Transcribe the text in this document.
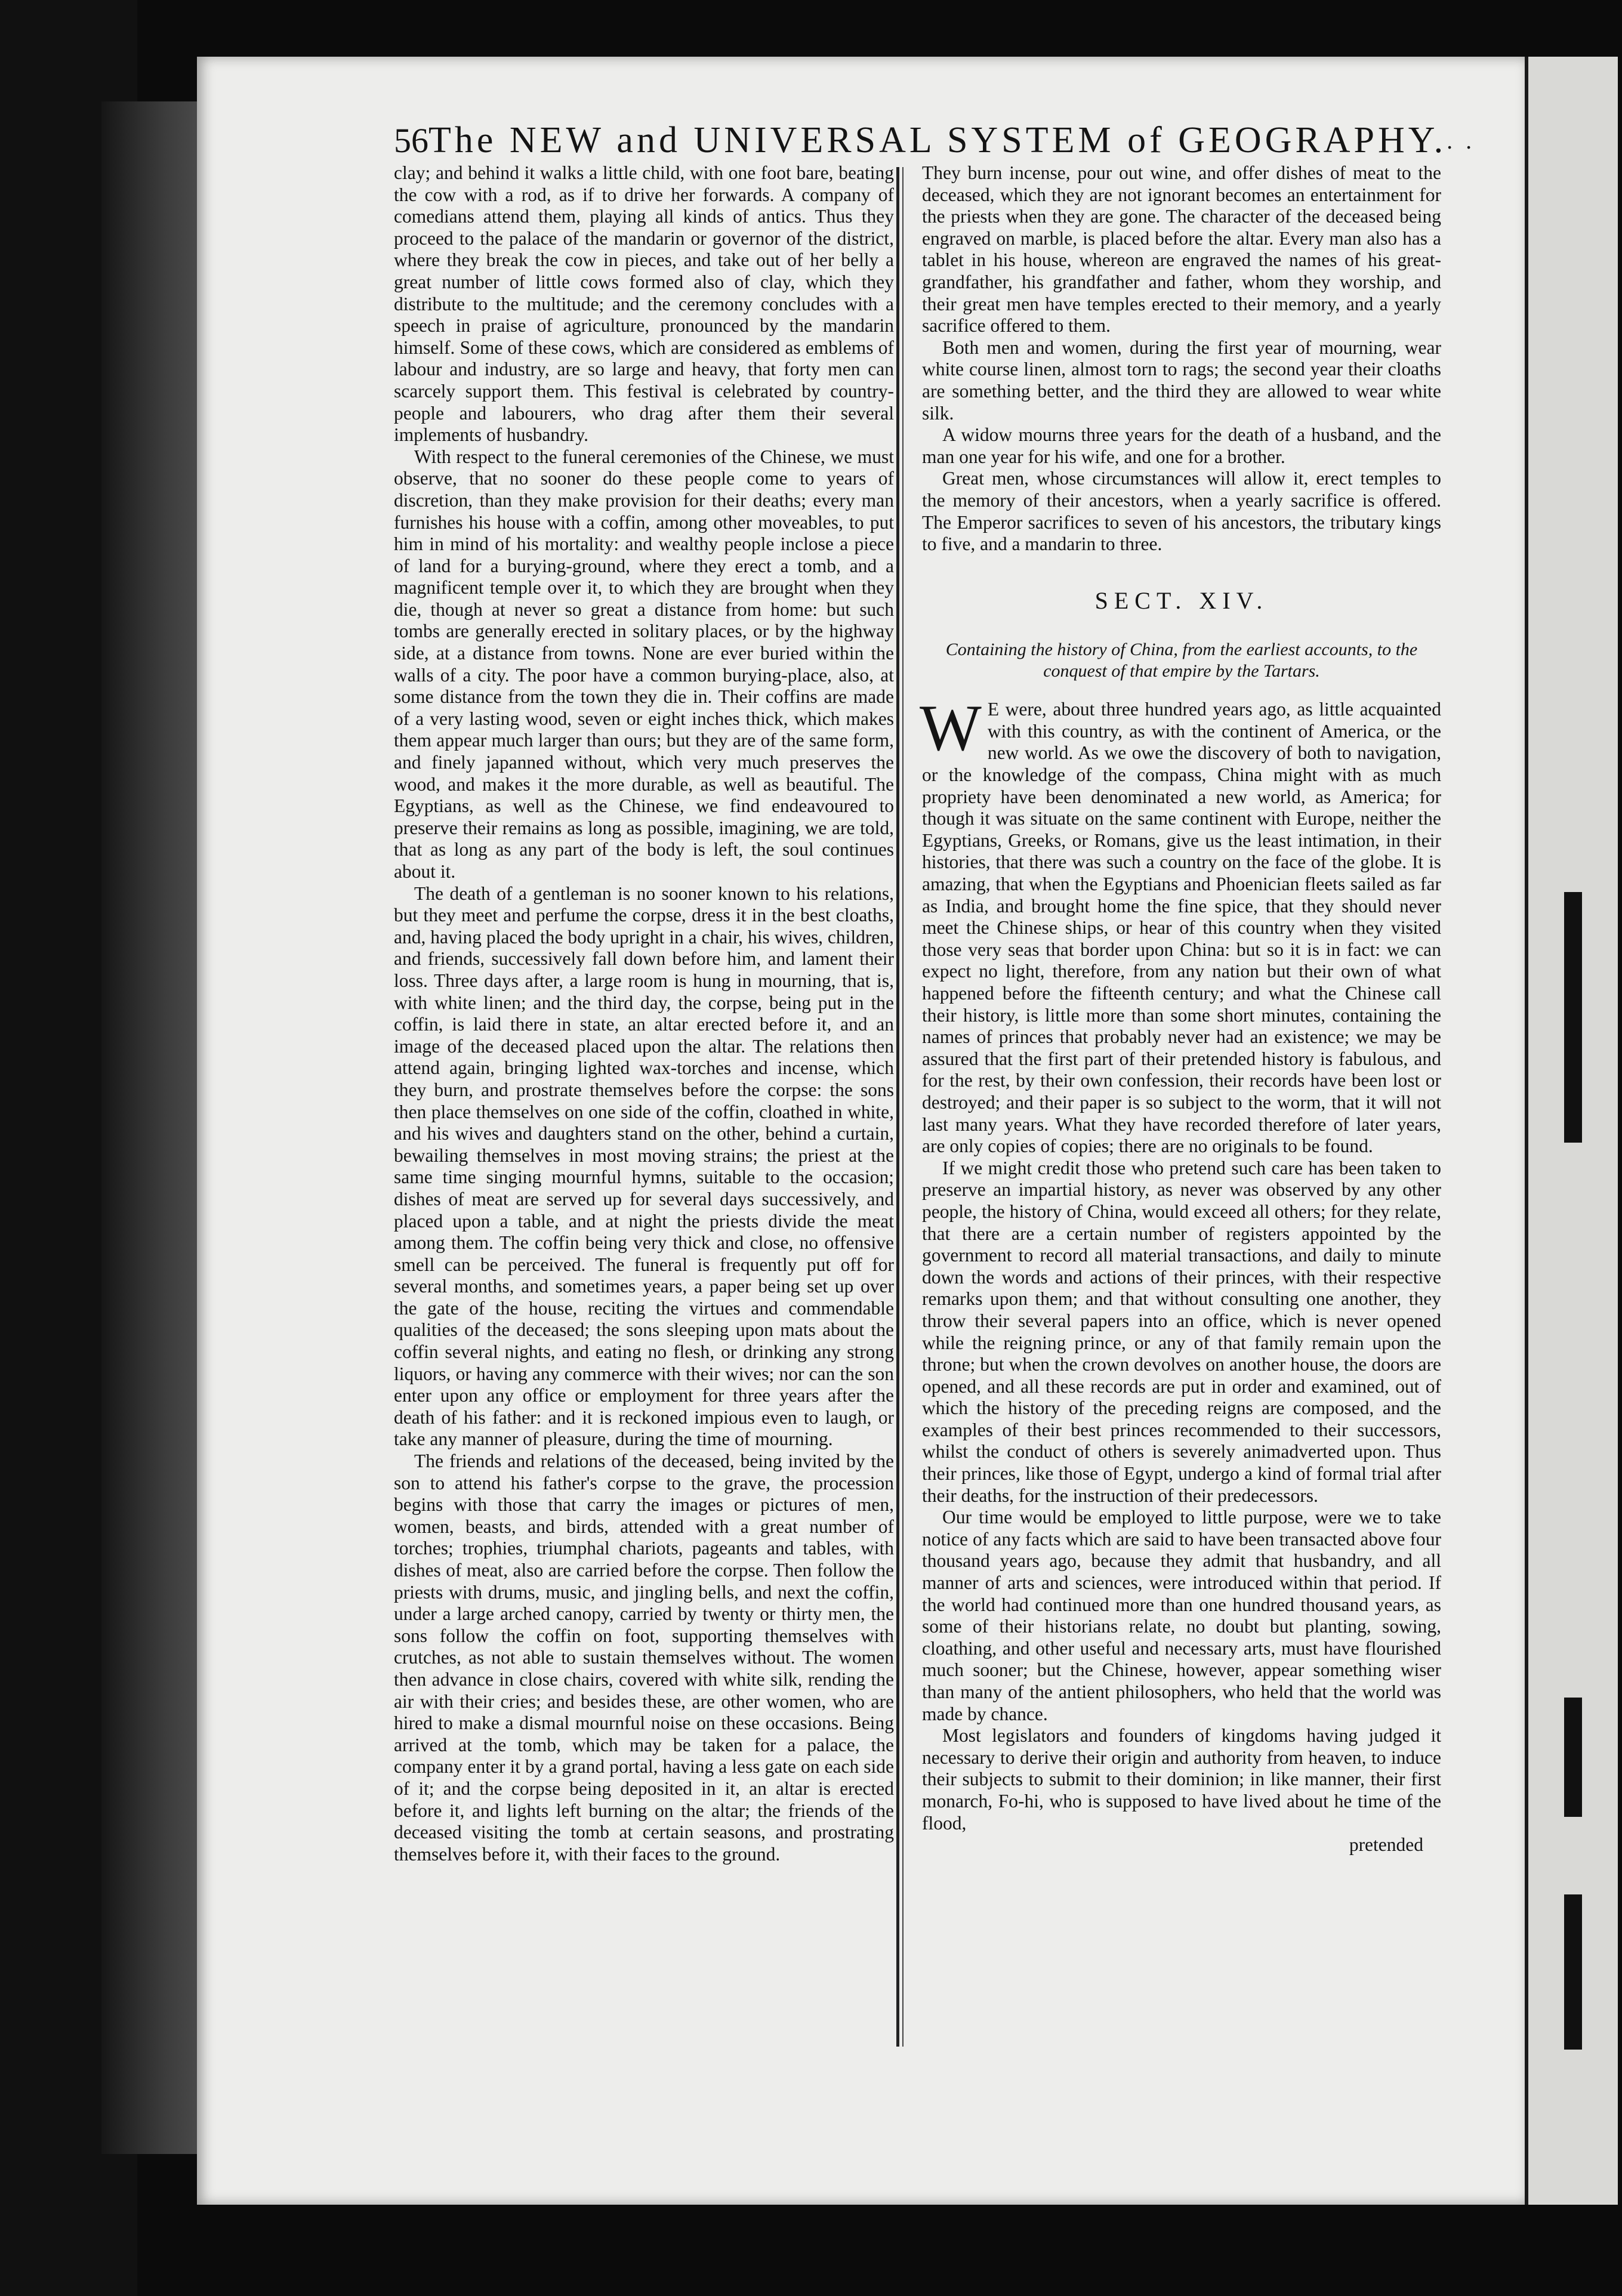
56 The NEW and UNIVERSAL SYSTEM of GEOGRAPHY. . .

clay; and behind it walks a little child, with one foot bare, beating the cow with a rod, as if to drive her forwards. A company of comedians attend them, playing all kinds of antics. Thus they proceed to the palace of the mandarin or governor of the district, where they break the cow in pieces, and take out of her belly a great number of little cows formed also of clay, which they distribute to the multitude; and the ceremony concludes with a speech in praise of agriculture, pronounced by the mandarin himself. Some of these cows, which are considered as emblems of labour and industry, are so large and heavy, that forty men can scarcely support them. This festival is celebrated by country-people and labourers, who drag after them their several implements of husbandry.

With respect to the funeral ceremonies of the Chinese, we must observe, that no sooner do these people come to years of discretion, than they make provision for their deaths; every man furnishes his house with a coffin, among other moveables, to put him in mind of his mortality: and wealthy people inclose a piece of land for a burying-ground, where they erect a tomb, and a magnificent temple over it, to which they are brought when they die, though at never so great a distance from home: but such tombs are generally erected in solitary places, or by the highway side, at a distance from towns. None are ever buried within the walls of a city. The poor have a common burying-place, also, at some distance from the town they die in. Their coffins are made of a very lasting wood, seven or eight inches thick, which makes them appear much larger than ours; but they are of the same form, and finely japanned without, which very much preserves the wood, and makes it the more durable, as well as beautiful. The Egyptians, as well as the Chinese, we find endeavoured to preserve their remains as long as possible, imagining, we are told, that as long as any part of the body is left, the soul continues about it.

The death of a gentleman is no sooner known to his relations, but they meet and perfume the corpse, dress it in the best cloaths, and, having placed the body upright in a chair, his wives, children, and friends, successively fall down before him, and lament their loss. Three days after, a large room is hung in mourning, that is, with white linen; and the third day, the corpse, being put in the coffin, is laid there in state, an altar erected before it, and an image of the deceased placed upon the altar. The relations then attend again, bringing lighted wax-torches and incense, which they burn, and prostrate themselves before the corpse: the sons then place themselves on one side of the coffin, cloathed in white, and his wives and daughters stand on the other, behind a curtain, bewailing themselves in most moving strains; the priest at the same time singing mournful hymns, suitable to the occasion; dishes of meat are served up for several days successively, and placed upon a table, and at night the priests divide the meat among them. The coffin being very thick and close, no offensive smell can be perceived. The funeral is frequently put off for several months, and sometimes years, a paper being set up over the gate of the house, reciting the virtues and commendable qualities of the deceased; the sons sleeping upon mats about the coffin several nights, and eating no flesh, or drinking any strong liquors, or having any commerce with their wives; nor can the son enter upon any office or employment for three years after the death of his father: and it is reckoned impious even to laugh, or take any manner of pleasure, during the time of mourning.

The friends and relations of the deceased, being invited by the son to attend his father's corpse to the grave, the procession begins with those that carry the images or pictures of men, women, beasts, and birds, attended with a great number of torches; trophies, triumphal chariots, pageants and tables, with dishes of meat, also are carried before the corpse. Then follow the priests with drums, music, and jingling bells, and next the coffin, under a large arched canopy, carried by twenty or thirty men, the sons follow the coffin on foot, supporting themselves with crutches, as not able to sustain themselves without. The women then advance in close chairs, covered with white silk, rending the air with their cries; and besides these, are other women, who are hired to make a dismal mournful noise on these occasions. Being arrived at the tomb, which may be taken for a palace, the company enter it by a grand portal, having a less gate on each side of it; and the corpse being deposited in it, an altar is erected before it, and lights left burning on the altar; the friends of the deceased visiting the tomb at certain seasons, and prostrating themselves before it, with their faces to the ground.

They burn incense, pour out wine, and offer dishes of meat to the deceased, which they are not ignorant becomes an entertainment for the priests when they are gone. The character of the deceased being engraved on marble, is placed before the altar. Every man also has a tablet in his house, whereon are engraved the names of his great-grandfather, his grandfather and father, whom they worship, and their great men have temples erected to their memory, and a yearly sacrifice offered to them.

Both men and women, during the first year of mourning, wear white course linen, almost torn to rags; the second year their cloaths are something better, and the third they are allowed to wear white silk.

A widow mourns three years for the death of a husband, and the man one year for his wife, and one for a brother.

Great men, whose circumstances will allow it, erect temples to the memory of their ancestors, when a yearly sacrifice is offered. The Emperor sacrifices to seven of his ancestors, the tributary kings to five, and a mandarin to three.

SECT. XIV.
Containing the history of China, from the earliest accounts, to the conquest of that empire by the Tartars.

W E were, about three hundred years ago, as little acquainted with this country, as with the continent of America, or the new world. As we owe the discovery of both to navigation, or the knowledge of the compass, China might with as much propriety have been denominated a new world, as America; for though it was situate on the same continent with Europe, neither the Egyptians, Greeks, or Romans, give us the least intimation, in their histories, that there was such a country on the face of the globe. It is amazing, that when the Egyptians and Phoenician fleets sailed as far as India, and brought home the fine spice, that they should never meet the Chinese ships, or hear of this country when they visited those very seas that border upon China: but so it is in fact: we can expect no light, therefore, from any nation but their own of what happened before the fifteenth century; and what the Chinese call their history, is little more than some short minutes, containing the names of princes that probably never had an existence; we may be assured that the first part of their pretended history is fabulous, and for the rest, by their own confession, their records have been lost or destroyed; and their paper is so subject to the worm, that it will not last many years. What they have recorded therefore of later years, are only copies of copies; there are no originals to be found.

If we might credit those who pretend such care has been taken to preserve an impartial history, as never was observed by any other people, the history of China, would exceed all others; for they relate, that there are a certain number of registers appointed by the government to record all material transactions, and daily to minute down the words and actions of their princes, with their respective remarks upon them; and that without consulting one another, they throw their several papers into an office, which is never opened while the reigning prince, or any of that family remain upon the throne; but when the crown devolves on another house, the doors are opened, and all these records are put in order and examined, out of which the history of the preceding reigns are composed, and the examples of their best princes recommended to their successors, whilst the conduct of others is severely animadverted upon. Thus their princes, like those of Egypt, undergo a kind of formal trial after their deaths, for the instruction of their predecessors.

Our time would be employed to little purpose, were we to take notice of any facts which are said to have been transacted above four thousand years ago, because they admit that husbandry, and all manner of arts and sciences, were introduced within that period. If the world had continued more than one hundred thousand years, as some of their historians relate, no doubt but planting, sowing, cloathing, and other useful and necessary arts, must have flourished much sooner; but the Chinese, however, appear something wiser than many of the antient philosophers, who held that the world was made by chance.

Most legislators and founders of kingdoms having judged it necessary to derive their origin and authority from heaven, to induce their subjects to submit to their dominion; in like manner, their first monarch, Fo-hi, who is supposed to have lived about he time of the flood,

pretended
